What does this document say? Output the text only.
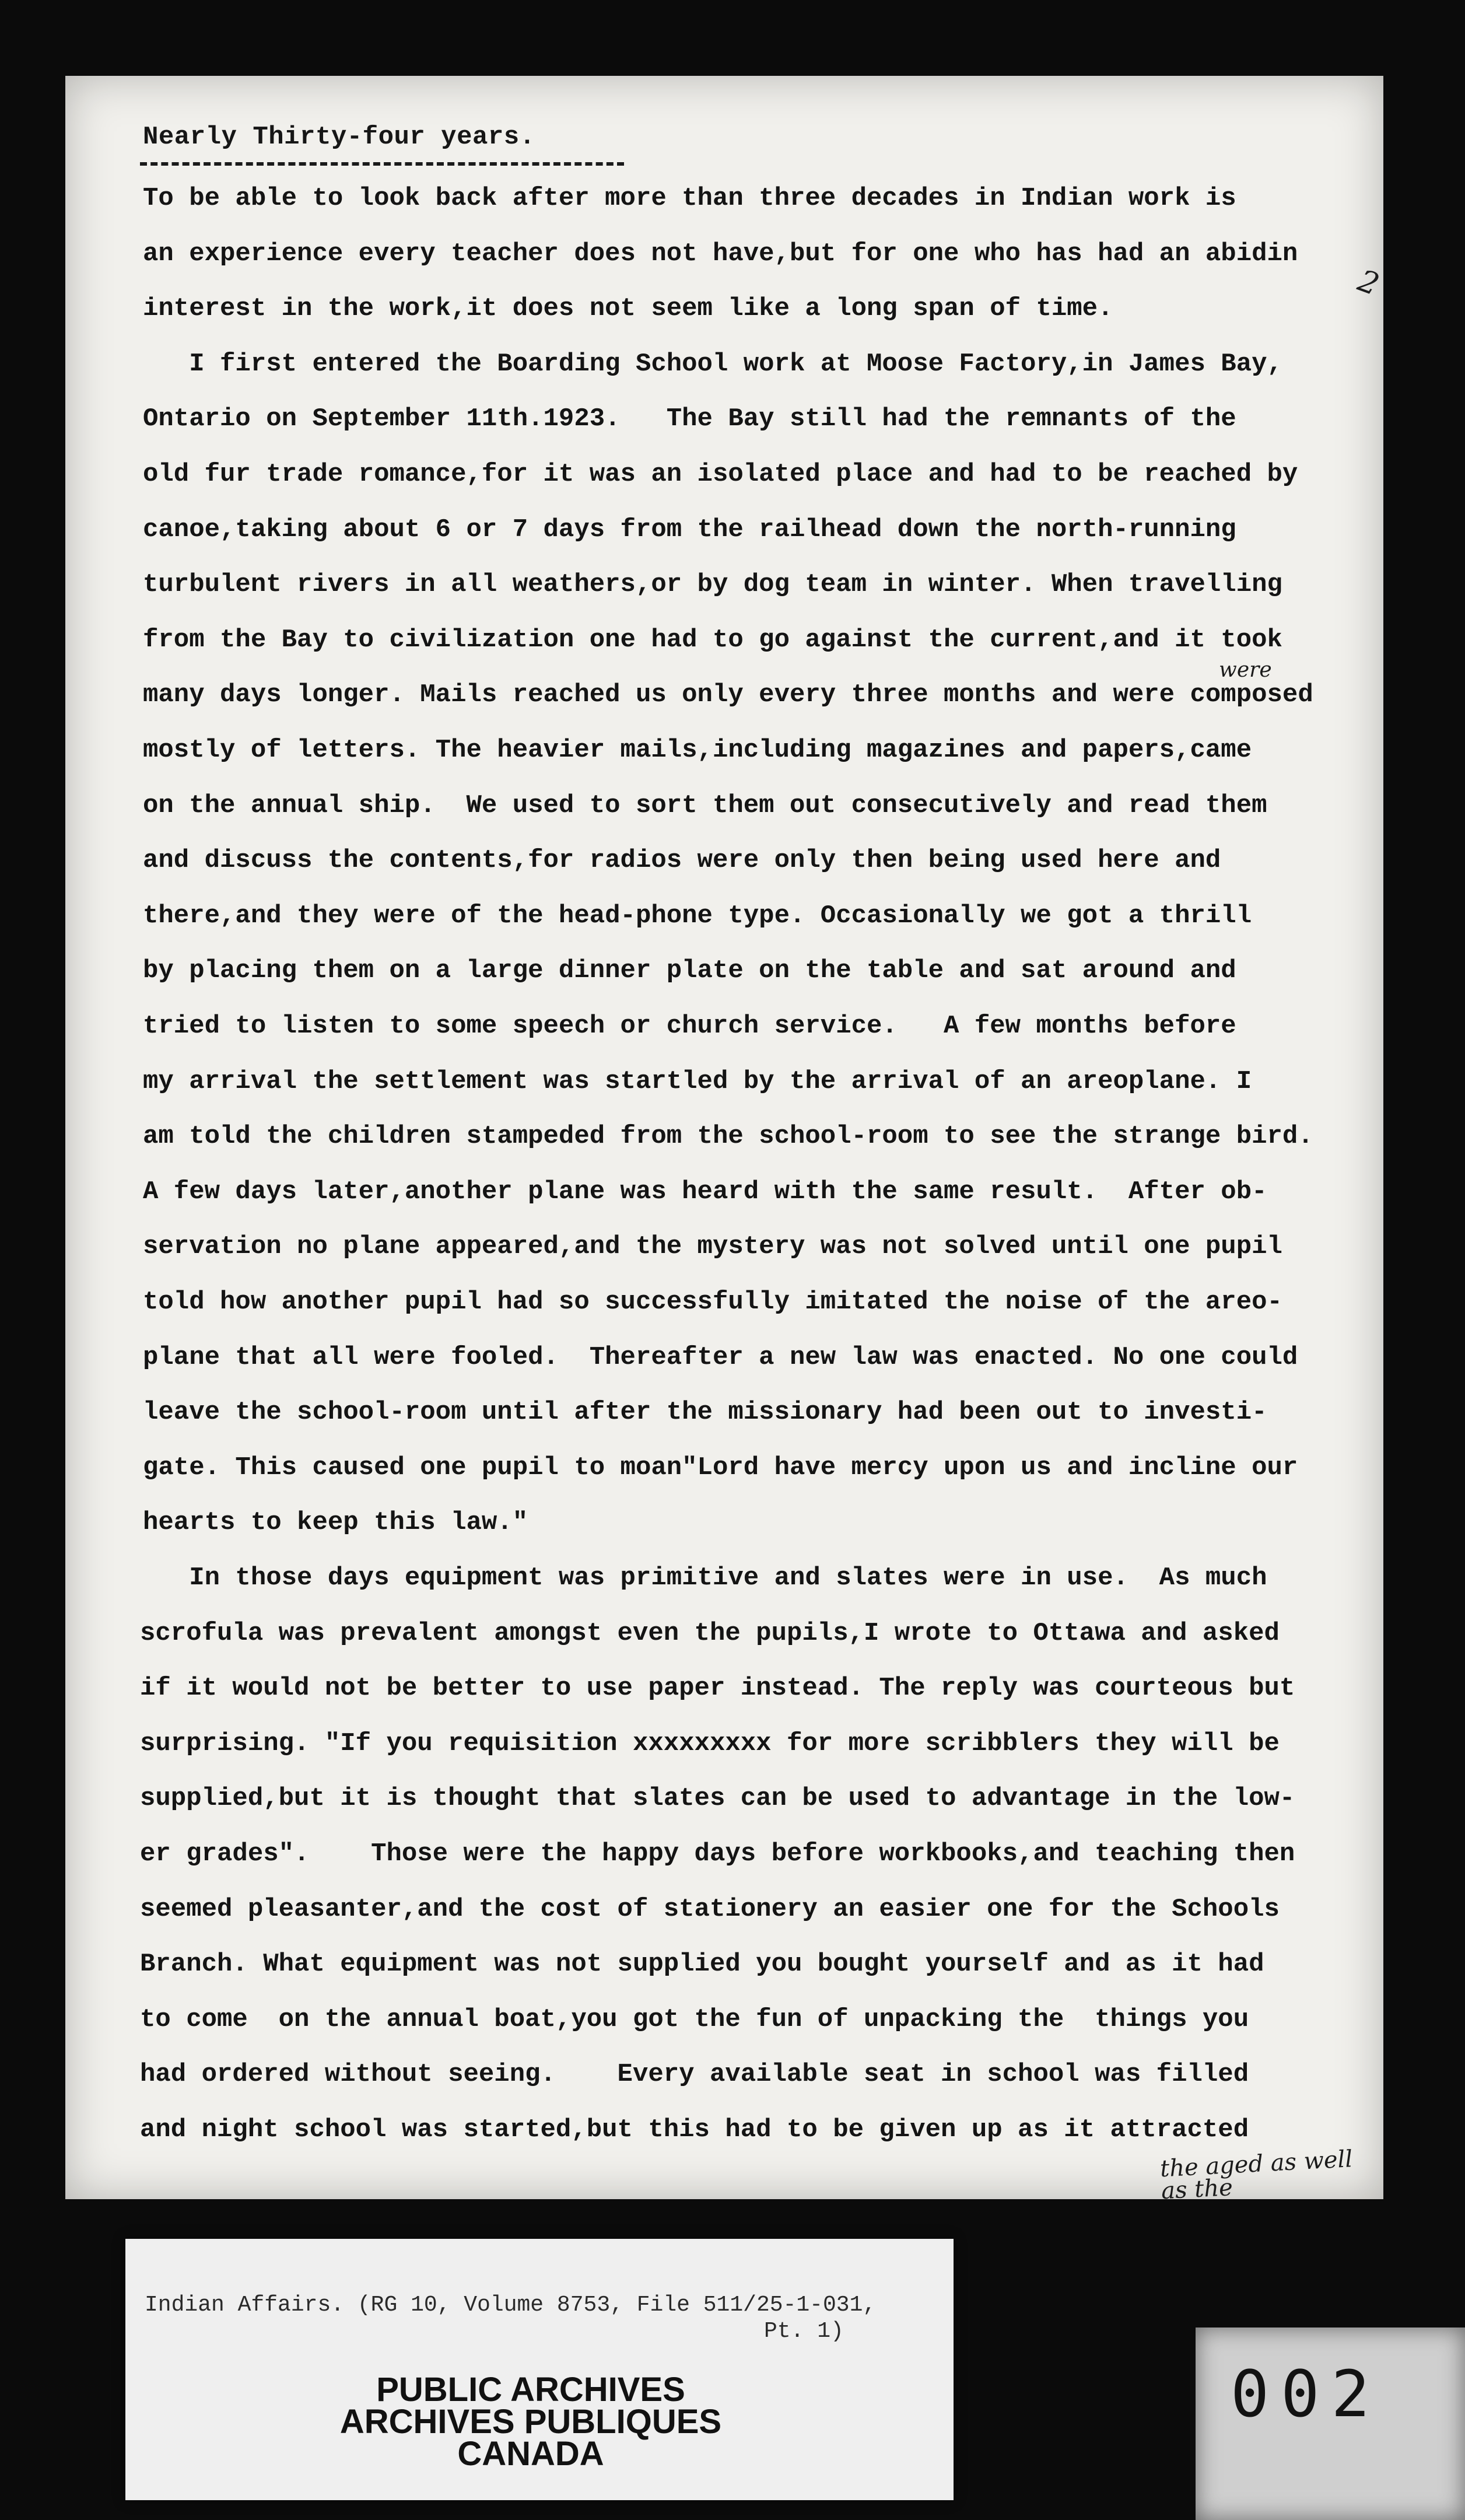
Nearly Thirty-four years.
To be able to look back after more than three decades in Indian work is
an experience every teacher does not have,but for one who has had an abidin
interest in the work,it does not seem like a long span of time.
I first entered the Boarding School work at Moose Factory,in James Bay,
Ontario on September 11th.1923.   The Bay still had the remnants of the
old fur trade romance,for it was an isolated place and had to be reached by
canoe,taking about 6 or 7 days from the railhead down the north-running
turbulent rivers in all weathers,or by dog team in winter. When travelling
from the Bay to civilization one had to go against the current,and it took
many days longer. Mails reached us only every three months and were composed
mostly of letters. The heavier mails,including magazines and papers,came
on the annual ship.  We used to sort them out consecutively and read them
and discuss the contents,for radios were only then being used here and
there,and they were of the head-phone type. Occasionally we got a thrill
by placing them on a large dinner plate on the table and sat around and
tried to listen to some speech or church service.   A few months before
my arrival the settlement was startled by the arrival of an areoplane. I
am told the children stampeded from the school-room to see the strange bird.
A few days later,another plane was heard with the same result.  After ob-
servation no plane appeared,and the mystery was not solved until one pupil
told how another pupil had so successfully imitated the noise of the areo-
plane that all were fooled.  Thereafter a new law was enacted. No one could
leave the school-room until after the missionary had been out to investi-
gate. This caused one pupil to moan"Lord have mercy upon us and incline our
hearts to keep this law."
In those days equipment was primitive and slates were in use.  As much
scrofula was prevalent amongst even the pupils,I wrote to Ottawa and asked
if it would not be better to use paper instead. The reply was courteous but
surprising. "If you requisition xxxxxxxxx for more scribblers they will be
supplied,but it is thought that slates can be used to advantage in the low-
er grades".    Those were the happy days before workbooks,and teaching then
seemed pleasanter,and the cost of stationery an easier one for the Schools
Branch. What equipment was not supplied you bought yourself and as it had
to come  on the annual boat,you got the fun of unpacking the  things you
had ordered without seeing.    Every available seat in school was filled
and night school was started,but this had to be given up as it attracted
were
the aged as well as the
2
Indian Affairs. (RG 10, Volume 8753, File 511/25-1-031,
Pt. 1)
PUBLIC ARCHIVES
ARCHIVES PUBLIQUES
CANADA
002
